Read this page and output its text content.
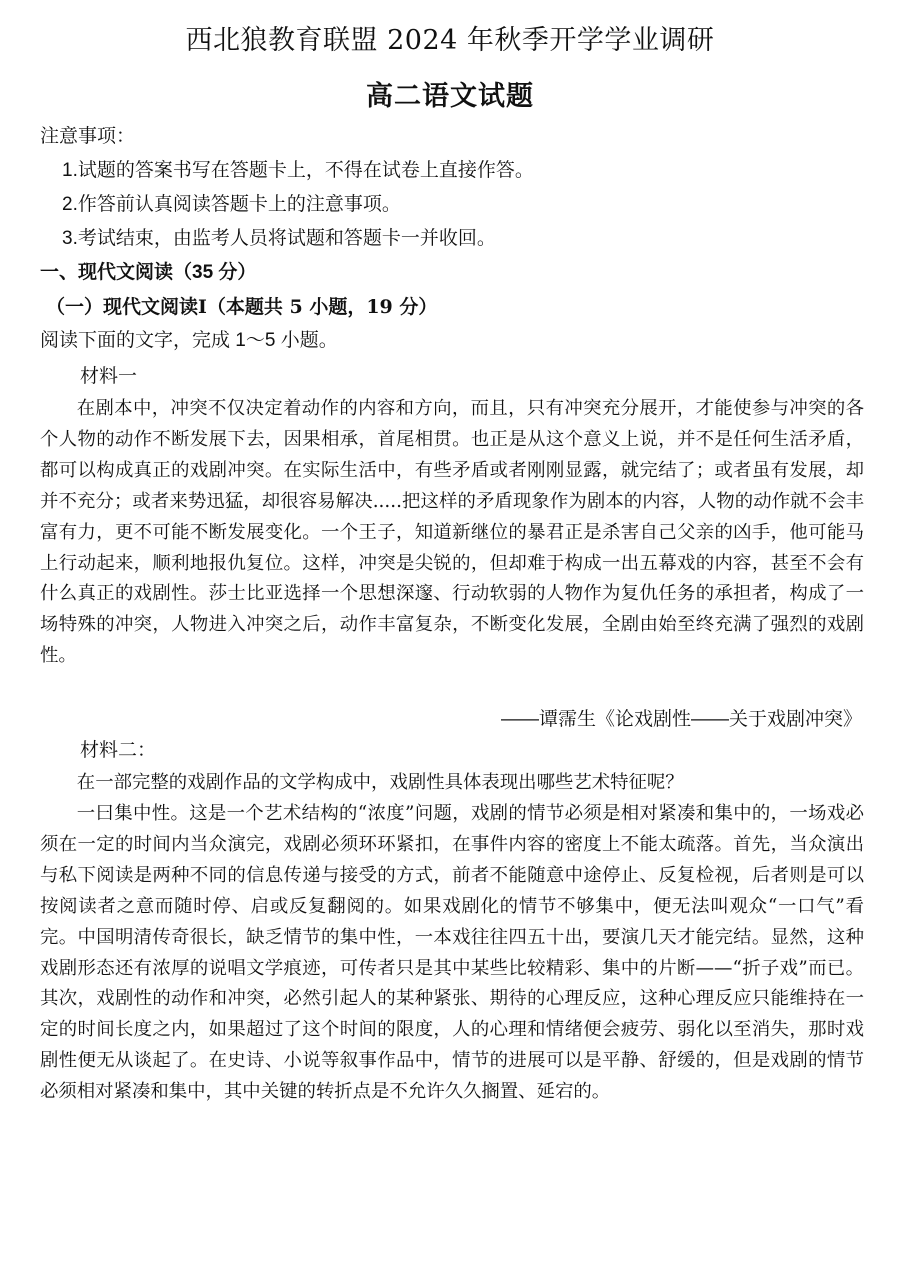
西北狼教育联盟 2024 年秋季开学学业调研
高二语文试题
注意事项：
1.试题的答案书写在答题卡上，不得在试卷上直接作答。
2.作答前认真阅读答题卡上的注意事项。
3.考试结束，由监考人员将试题和答题卡一并收回。
一、现代文阅读（35 分）
（一）现代文阅读Ⅰ（本题共 5 小题，19 分）
阅读下面的文字，完成 1～5 小题。
材料一

在剧本中，冲突不仅决定着动作的内容和方向，而且，只有冲突充分展开，才能使参与冲突的各个人物的动作不断发展下去，因果相承，首尾相贯。也正是从这个意义上说，并不是任何生活矛盾，都可以构成真正的戏剧冲突。在实际生活中，有些矛盾或者刚刚显露，就完结了；或者虽有发展，却并不充分；或者来势迅猛，却很容易解决.....把这样的矛盾现象作为剧本的内容，人物的动作就不会丰富有力，更不可能不断发展变化。一个王子，知道新继位的暴君正是杀害自己父亲的凶手，他可能马上行动起来，顺利地报仇复位。这样，冲突是尖锐的，但却难于构成一出五幕戏的内容，甚至不会有什么真正的戏剧性。莎士比亚选择一个思想深邃、行动软弱的人物作为复仇任务的承担者，构成了一场特殊的冲突，人物进入冲突之后，动作丰富复杂，不断变化发展，全剧由始至终充满了强烈的戏剧性。

——谭霈生《论戏剧性——关于戏剧冲突》
材料二：

在一部完整的戏剧作品的文学构成中，戏剧性具体表现出哪些艺术特征呢？

一曰集中性。这是一个艺术结构的“浓度”问题，戏剧的情节必须是相对紧凑和集中的，一场戏必须在一定的时间内当众演完，戏剧必须环环紧扣，在事件内容的密度上不能太疏落。首先，当众演出与私下阅读是两种不同的信息传递与接受的方式，前者不能随意中途停止、反复检视，后者则是可以按阅读者之意而随时停、启或反复翻阅的。如果戏剧化的情节不够集中，便无法叫观众“一口气”看完。中国明清传奇很长，缺乏情节的集中性，一本戏往往四五十出，要演几天才能完结。显然，这种戏剧形态还有浓厚的说唱文学痕迹，可传者只是其中某些比较精彩、集中的片断——“折子戏”而已。其次，戏剧性的动作和冲突，必然引起人的某种紧张、期待的心理反应，这种心理反应只能维持在一定的时间长度之内，如果超过了这个时间的限度，人的心理和情绪便会疲劳、弱化以至消失，那时戏剧性便无从谈起了。在史诗、小说等叙事作品中，情节的进展可以是平静、舒缓的，但是戏剧的情节必须相对紧凑和集中，其中关键的转折点是不允许久久搁置、延宕的。
